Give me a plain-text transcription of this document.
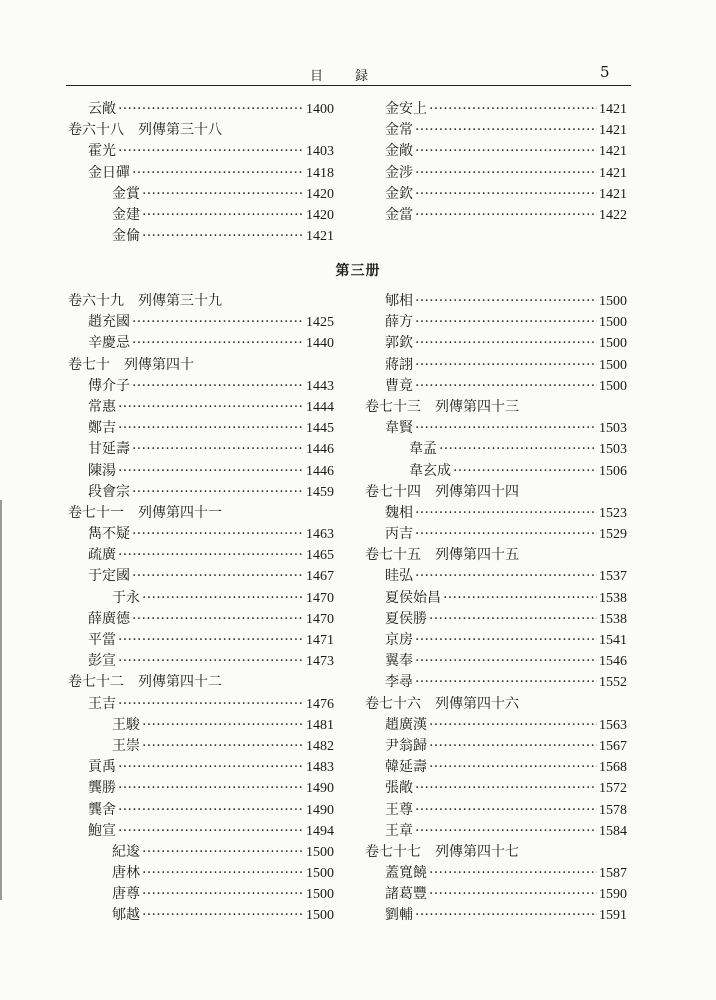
目　　録	5
云敞 ·····	1400
卷六十八 列傳第三十八
霍光 ·····	1403
金日磾 ·····	1418
金賞 ·····	1420
金建 ·····	1420
金倫 ·····	1421
金安上 ·····	1421
金常 ·····	1421
金敞 ·····	1421
金涉 ·····	1421
金欽 ·····	1421
金當 ·····	1422
第三册
卷六十九 列傳第三十九
趙充國 ·····	1425
辛慶忌 ·····	1440
卷七十 列傳第四十
傅介子 ·····	1443
常惠 ·····	1444
鄭吉 ·····	1445
甘延壽 ·····	1446
陳湯 ·····	1446
段會宗 ·····	1459
卷七十一 列傳第四十一
雋不疑 ·····	1463
疏廣 ·····	1465
于定國 ·····	1467
于永 ·····	1470
薛廣德 ·····	1470
平當 ·····	1471
彭宣 ·····	1473
卷七十二 列傳第四十二
王吉 ·····	1476
王駿 ·····	1481
王崇 ·····	1482
貢禹 ·····	1483
龔勝 ·····	1490
龔舍 ·····	1490
鮑宣 ·····	1494
紀逡 ·····	1500
唐林 ·····	1500
唐尊 ·····	1500
郇越 ·····	1500
郇相 ·····	1500
薛方 ·····	1500
郭欽 ·····	1500
蔣詡 ·····	1500
曹竟 ·····	1500
卷七十三 列傳第四十三
韋賢 ·····	1503
韋孟 ·····	1503
韋玄成 ·····	1506
卷七十四 列傳第四十四
魏相 ·····	1523
丙吉 ·····	1529
卷七十五 列傳第四十五
眭弘 ·····	1537
夏侯始昌 ·····	1538
夏侯勝 ·····	1538
京房 ·····	1541
翼奉 ·····	1546
李尋 ·····	1552
卷七十六 列傳第四十六
趙廣漢 ·····	1563
尹翁歸 ·····	1567
韓延壽 ·····	1568
張敞 ·····	1572
王尊 ·····	1578
王章 ·····	1584
卷七十七 列傳第四十七
蓋寬饒 ·····	1587
諸葛豐 ·····	1590
劉輔 ·····	1591
